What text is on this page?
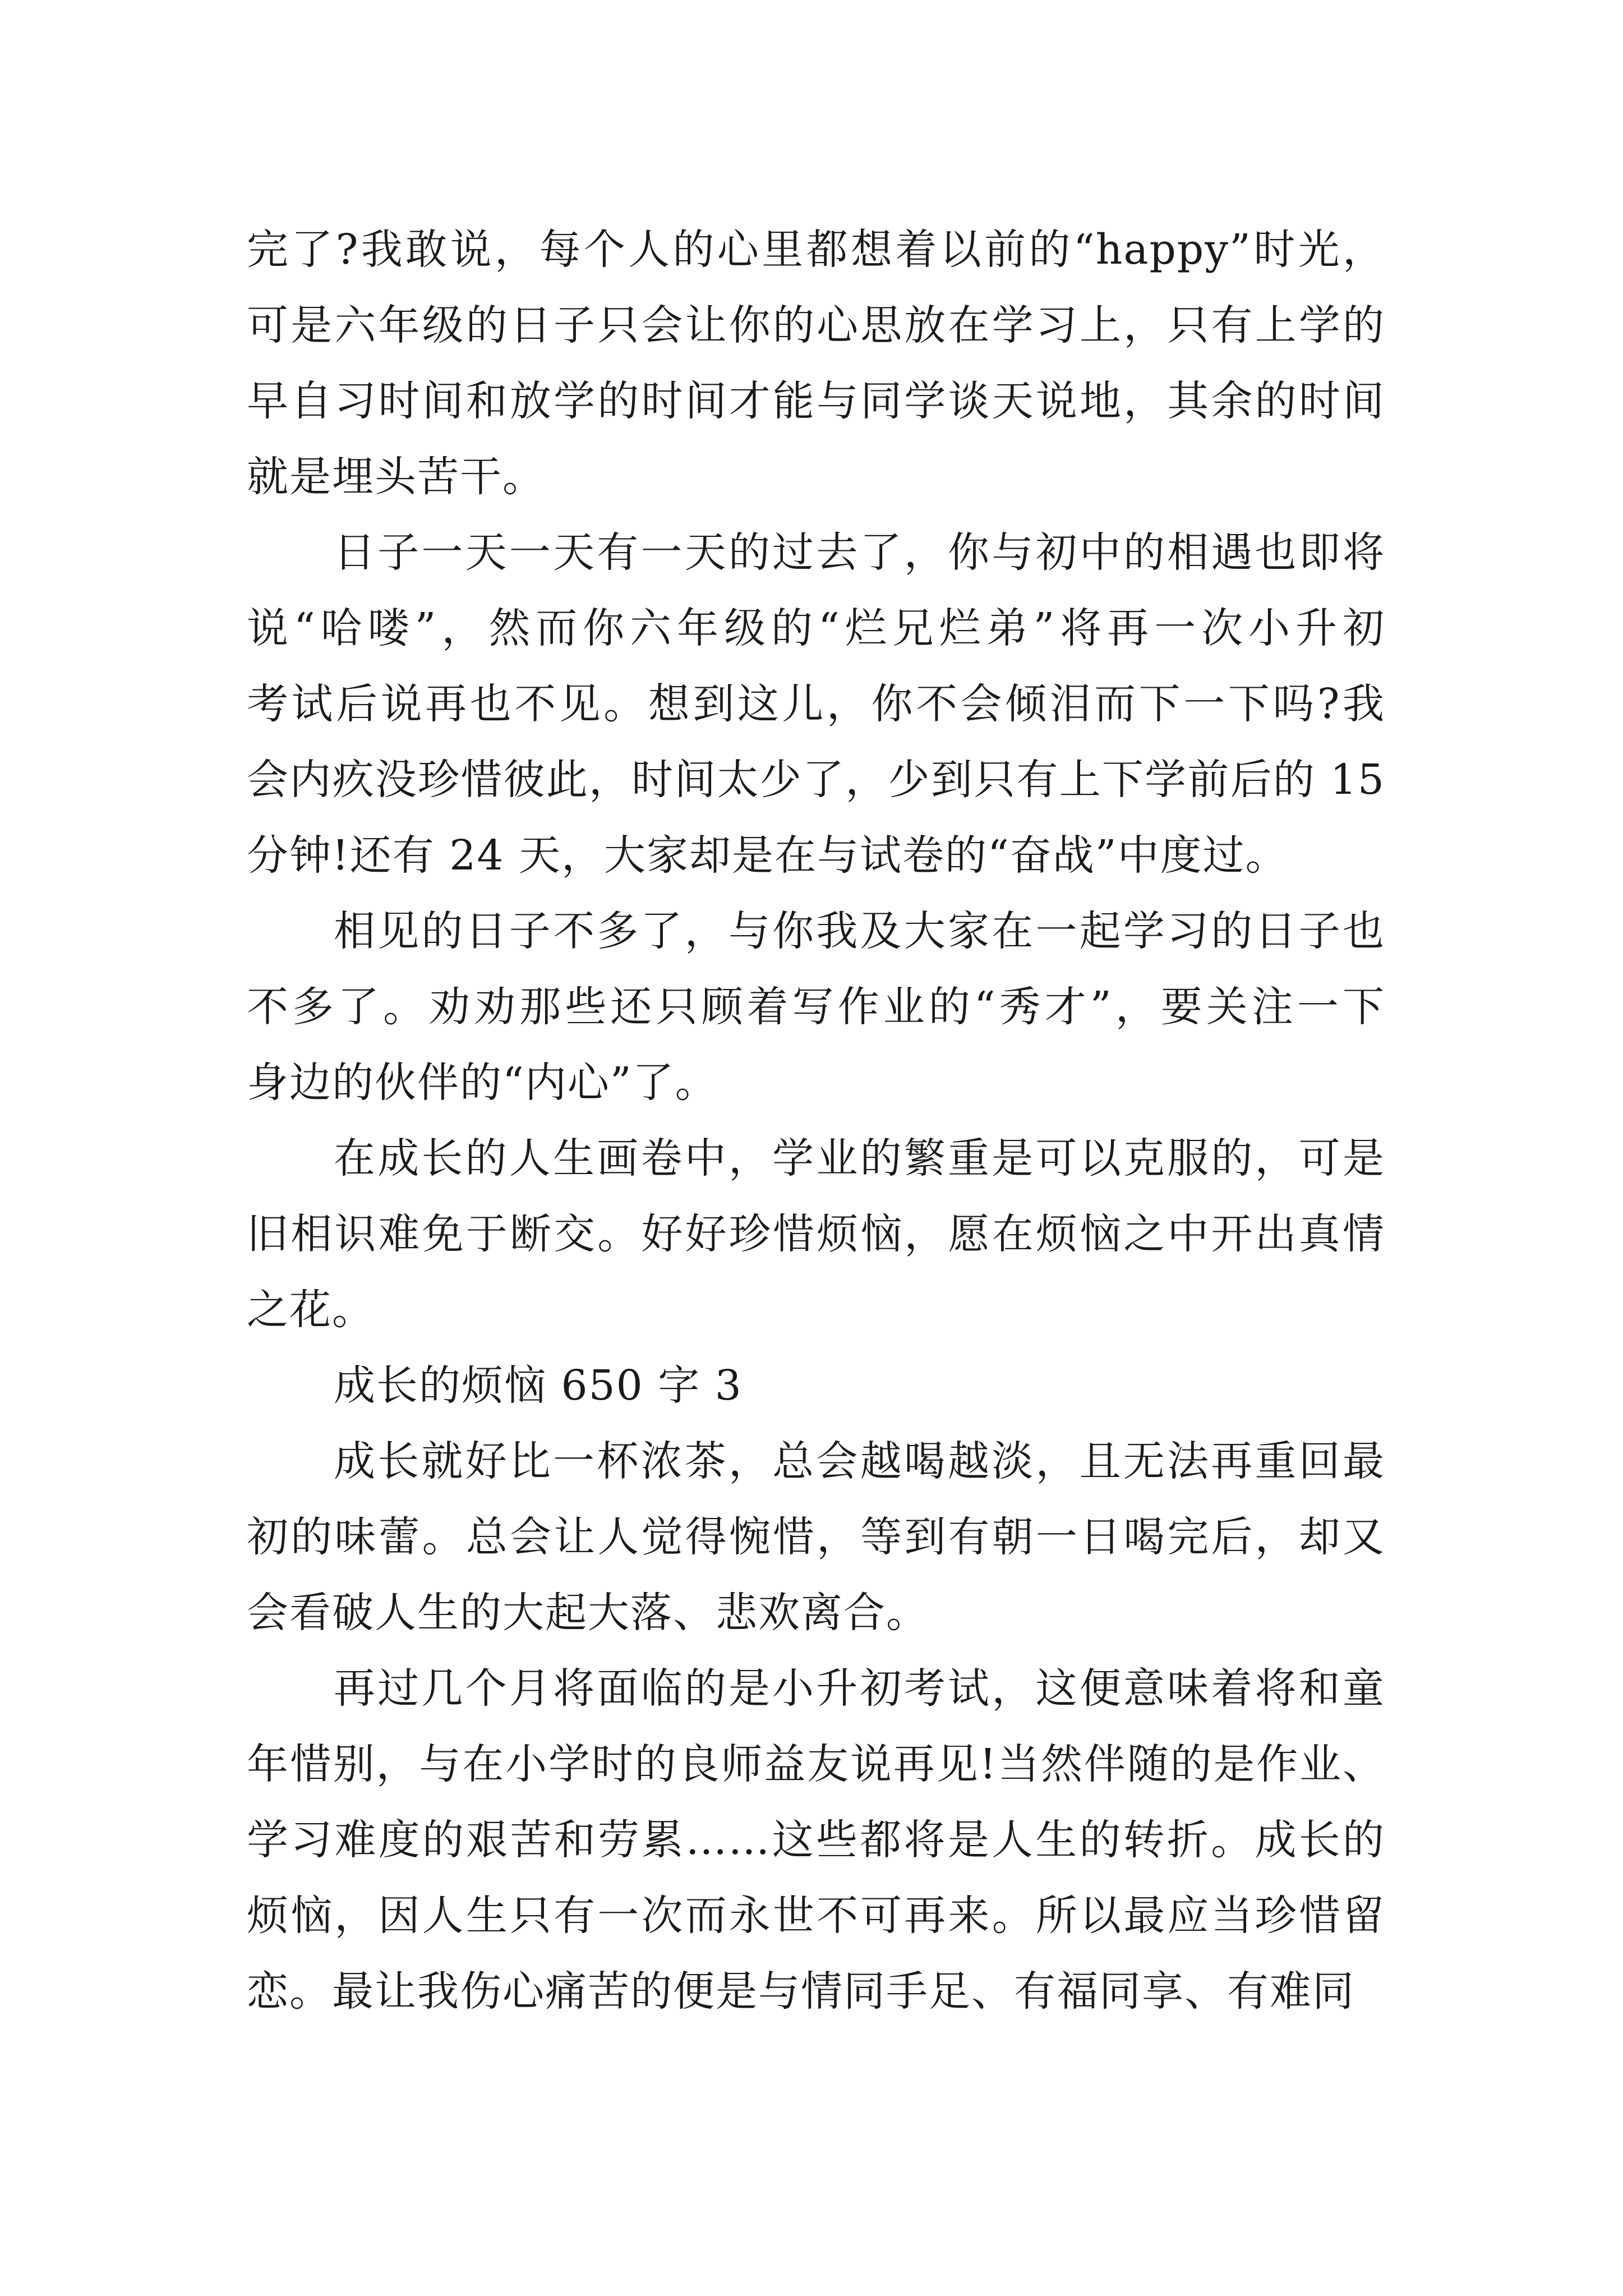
完了?我敢说，每个人的心里都想着以前的“happy”时光，
可是六年级的日子只会让你的心思放在学习上，只有上学的
早自习时间和放学的时间才能与同学谈天说地，其余的时间
就是埋头苦干。
日子一天一天有一天的过去了，你与初中的相遇也即将
说“哈喽”，然而你六年级的“烂兄烂弟”将再一次小升初
考试后说再也不见。想到这儿，你不会倾泪而下一下吗?我
会内疚没珍惜彼此，时间太少了，少到只有上下学前后的 15
分钟!还有 24 天，大家却是在与试卷的“奋战”中度过。
相见的日子不多了，与你我及大家在一起学习的日子也
不多了。劝劝那些还只顾着写作业的“秀才”，要关注一下
身边的伙伴的“内心”了。
在成长的人生画卷中，学业的繁重是可以克服的，可是
旧相识难免于断交。好好珍惜烦恼，愿在烦恼之中开出真情
之花。
成长的烦恼 650 字 3
成长就好比一杯浓茶，总会越喝越淡，且无法再重回最
初的味蕾。总会让人觉得惋惜，等到有朝一日喝完后，却又
会看破人生的大起大落、悲欢离合。
再过几个月将面临的是小升初考试，这便意味着将和童
年惜别，与在小学时的良师益友说再见!当然伴随的是作业、
学习难度的艰苦和劳累……这些都将是人生的转折。成长的
烦恼，因人生只有一次而永世不可再来。所以最应当珍惜留
恋。最让我伤心痛苦的便是与情同手足、有福同享、有难同
